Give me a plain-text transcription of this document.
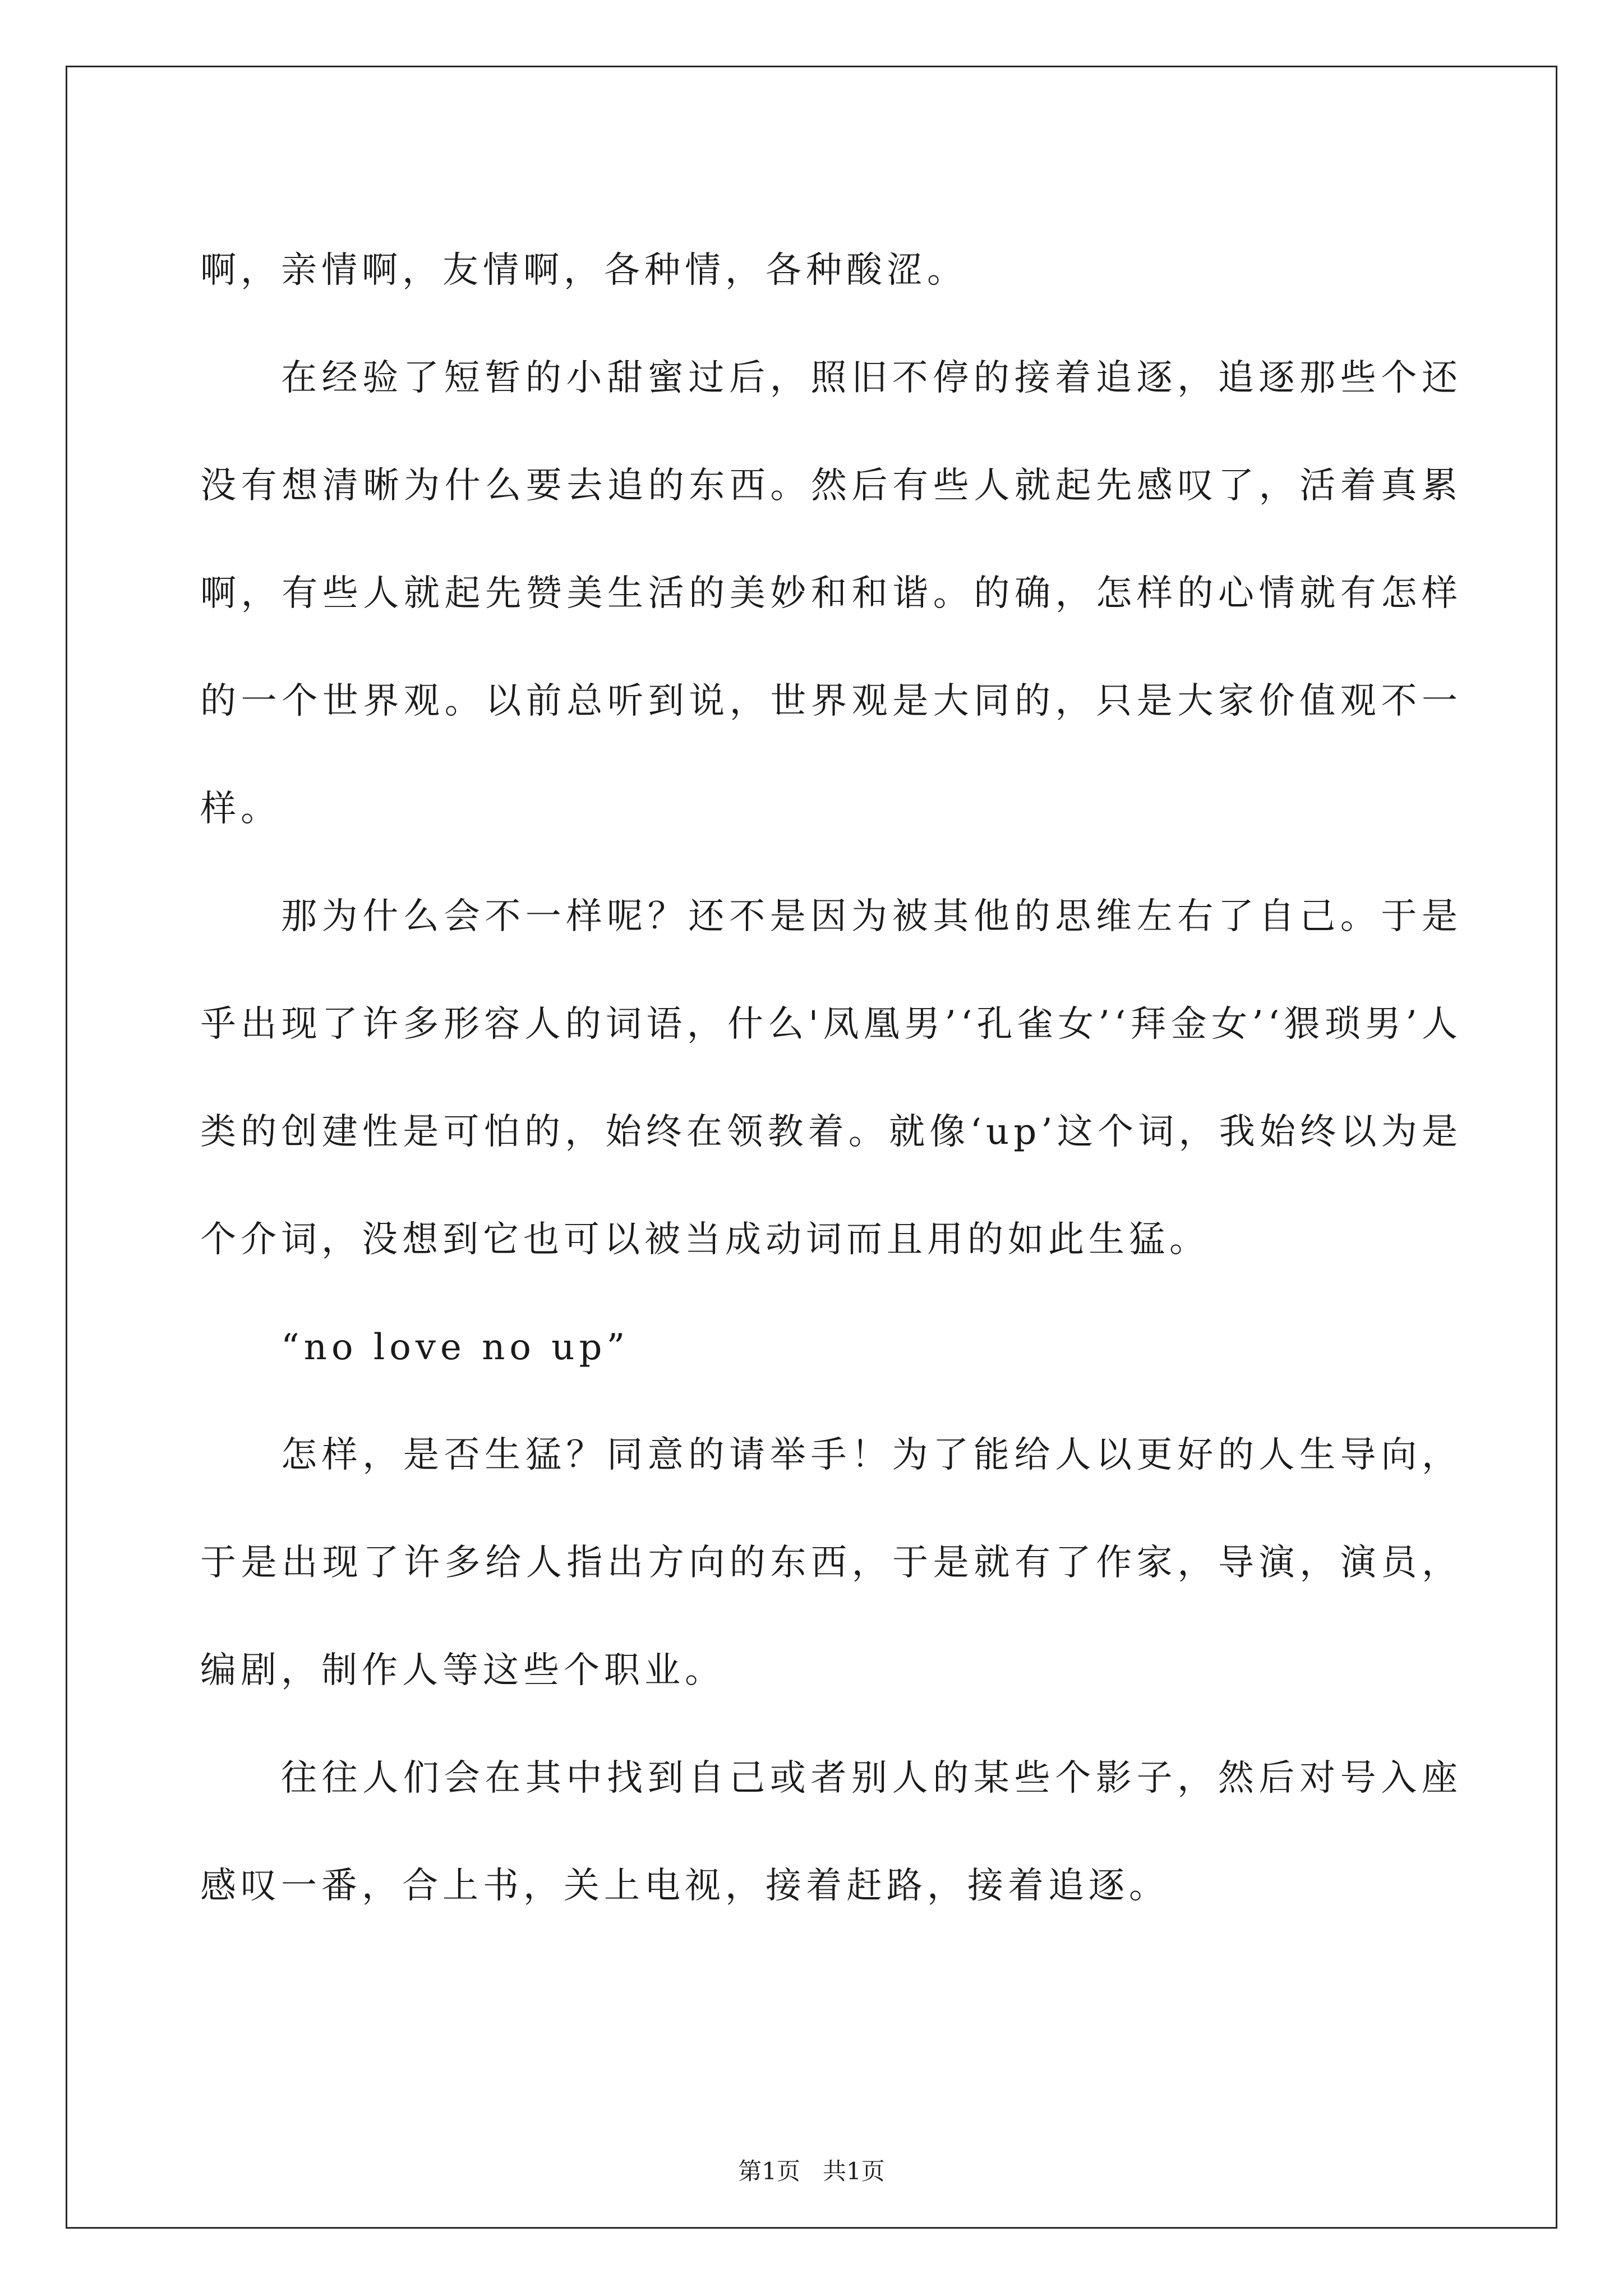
啊，亲情啊，友情啊，各种情，各种酸涩。

在经验了短暂的小甜蜜过后，照旧不停的接着追逐，追逐那些个还没有想清晰为什么要去追的东西。然后有些人就起先感叹了，活着真累啊，有些人就起先赞美生活的美妙和和谐。的确，怎样的心情就有怎样的一个世界观。以前总听到说，世界观是大同的，只是大家价值观不一样。

那为什么会不一样呢？还不是因为被其他的思维左右了自己。于是乎出现了许多形容人的词语，什么'凤凰男’‘孔雀女’‘拜金女’‘猥琐男’人类的创建性是可怕的，始终在领教着。就像‘up’这个词，我始终以为是个介词，没想到它也可以被当成动词而且用的如此生猛。

“no love no up”

怎样，是否生猛？同意的请举手！为了能给人以更好的人生导向，于是出现了许多给人指出方向的东西，于是就有了作家，导演，演员，编剧，制作人等这些个职业。

往往人们会在其中找到自己或者别人的某些个影子，然后对号入座感叹一番，合上书，关上电视，接着赶路，接着追逐。

第1页 共1页
